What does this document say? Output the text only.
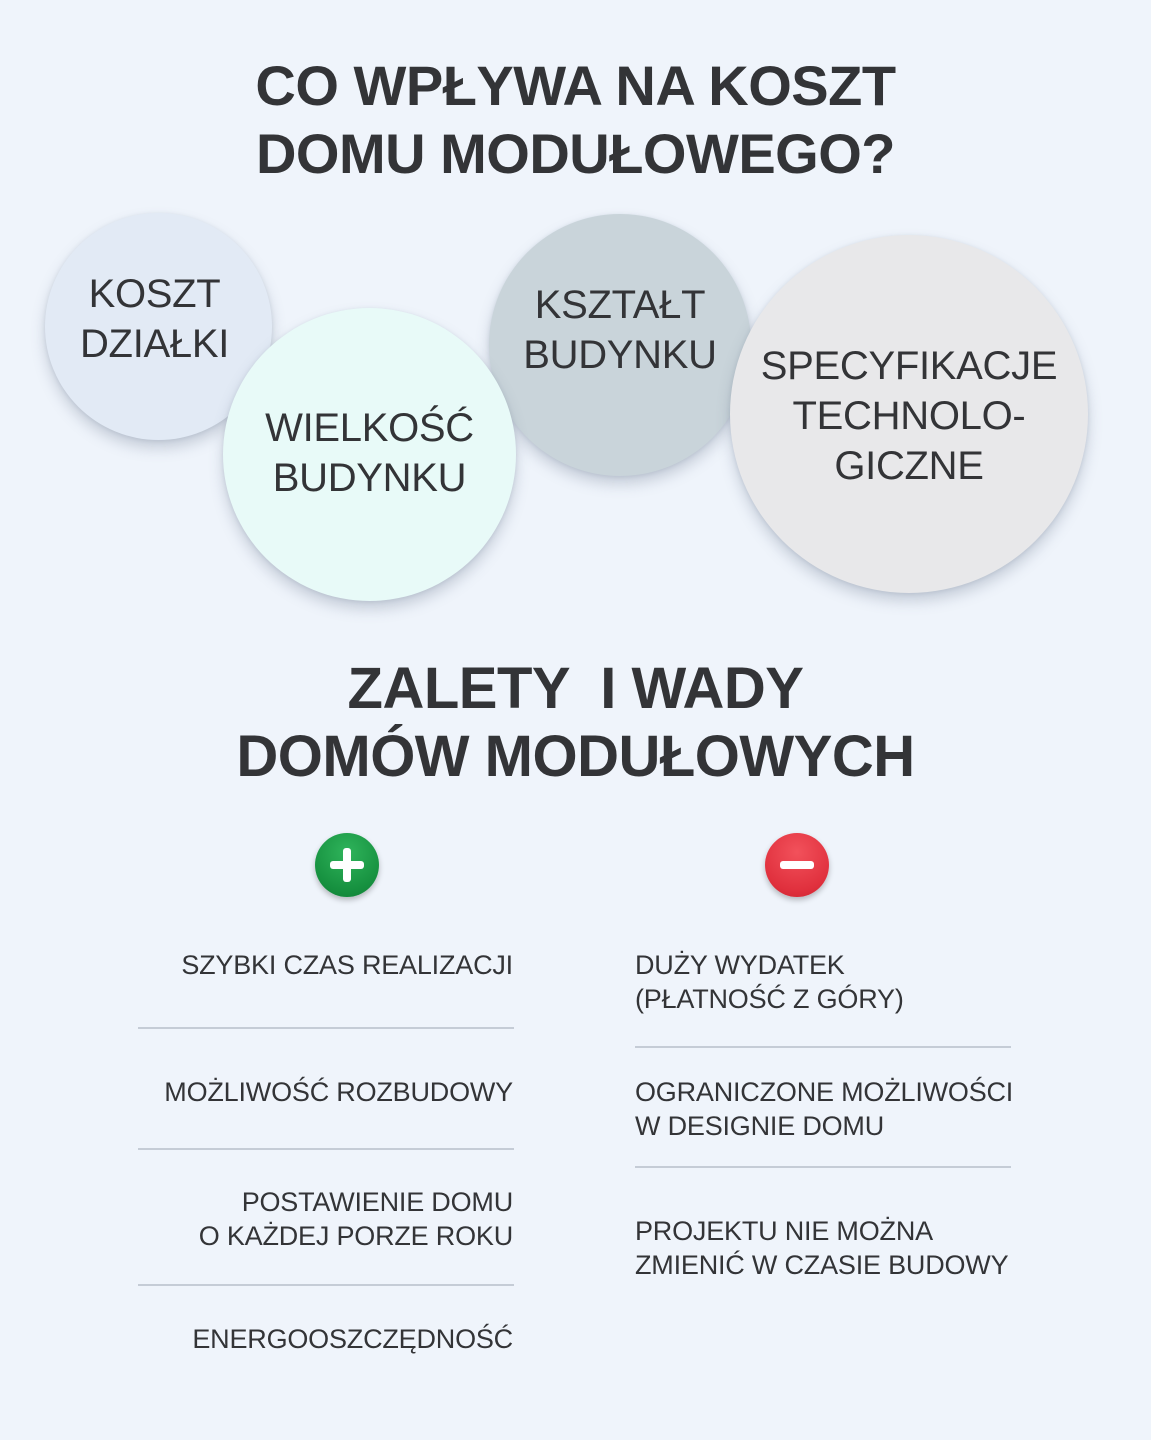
CO WPŁYWA NA KOSZT
DOMU MODUŁOWEGO?
KOSZT
DZIAŁKI
WIELKOŚĆ
BUDYNKU
KSZTAŁT
BUDYNKU SPECYFIKACJE
TECHNOLO-
GICZNE
ZALETY  I WADY
DOMÓW MODUŁOWYCH
SZYBKI CZAS REALIZACJI
MOŻLIWOŚĆ ROZBUDOWY
POSTAWIENIE DOMU
O KAŻDEJ PORZE ROKU
ENERGOOSZCZĘDNOŚĆ
DUŻY WYDATEK
(PŁATNOŚĆ Z GÓRY)
OGRANICZONE MOŻLIWOŚCI
W DESIGNIE DOMU
PROJEKTU NIE MOŻNA
ZMIENIĆ W CZASIE BUDOWY
